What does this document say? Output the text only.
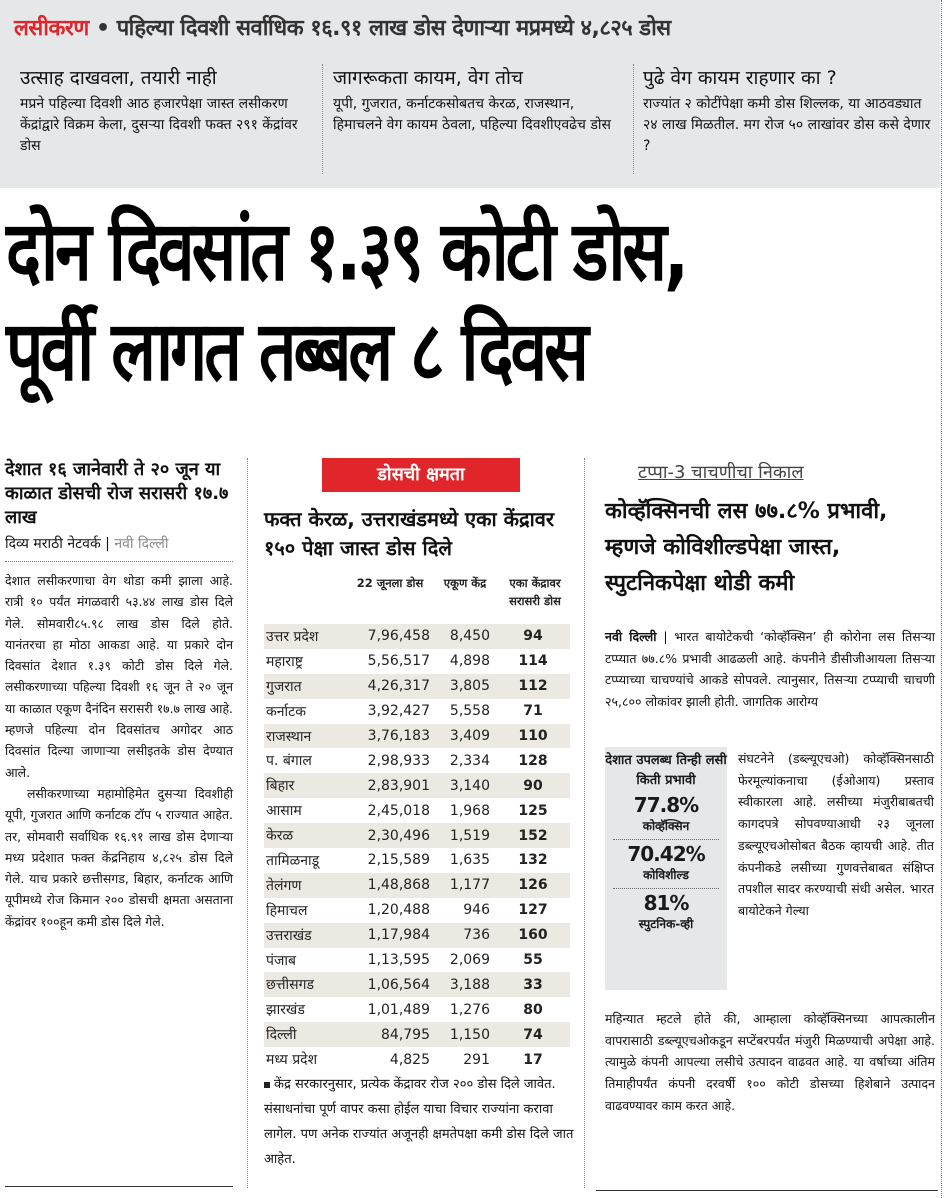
लसीकरण • पहिल्या दिवशी सर्वाधिक १६.९१ लाख डोस देणाऱ्या मप्रमध्ये ४,८२५ डोस
उत्साह दाखवला, तयारी नाही

मप्रने पहिल्या दिवशी आठ हजारपेक्षा जास्त लसीकरण केंद्रांद्वारे विक्रम केला, दुसऱ्या दिवशी फक्त २९१ केंद्रांवर डोस

जागरूकता कायम, वेग तोच

यूपी, गुजरात, कर्नाटकसोबतच केरळ, राजस्थान, हिमाचलने वेग कायम ठेवला, पहिल्या दिवशीएवढेच डोस

पुढे वेग कायम राहणार का ?

राज्यांत २ कोटींपेक्षा कमी डोस शिल्लक, या आठवड्यात २४ लाख मिळतील. मग रोज ५० लाखांवर डोस कसे देणार ?

दोन दिवसांत १.३९ कोटी डोस,
पूर्वी लागत तब्बल ८ दिवस
देशात १६ जानेवारी ते २० जून या काळात डोसची रोज सरासरी १७.७ लाख
दिव्य मराठी नेटवर्क | नवी दिल्ली

देशात लसीकरणाचा वेग थोडा कमी झाला आहे. रात्री १० पर्यंत मंगळवारी ५३.४४ लाख डोस दिले गेले. सोमवारी८५.९८ लाख डोस दिले होते. यानंतरचा हा मोठा आकडा आहे. या प्रकारे दोन दिवसांत देशात १.३९ कोटी डोस दिले गेले. लसीकरणाच्या पहिल्या दिवशी १६ जून ते २० जून या काळात एकूण दैनंदिन सरासरी १७.७ लाख आहे. म्हणजे पहिल्या दोन दिवसांतच अगोदर आठ दिवसांत दिल्या जाणाऱ्या लसीइतके डोस देण्यात आले.

लसीकरणाच्या महामोहिमेत दुसऱ्या दिवशीही यूपी, गुजरात आणि कर्नाटक टॉप ५ राज्यात आहेत. तर, सोमवारी सर्वाधिक १६.९१ लाख डोस देणाऱ्या मध्य प्रदेशात फक्त केंद्रनिहाय ४,८२५ डोस दिले गेले. याच प्रकारे छत्तीसगड, बिहार, कर्नाटक आणि यूपीमध्ये रोज किमान २०० डोसची क्षमता असताना केंद्रांवर १००हून कमी डोस दिले गेले.

डोसची क्षमता
फक्त केरळ, उत्तराखंडमध्ये एका केंद्रावर १५० पेक्षा जास्त डोस दिले
22 जूनला डोस	एकूण केंद्र	एका केंद्रावर सरासरी डोस
उत्तर प्रदेश	7,96,458	8,450	94
महाराष्ट्र	5,56,517	4,898	114
गुजरात	4,26,317	3,805	112
कर्नाटक	3,92,427	5,558	71
राजस्थान	3,76,183	3,409	110
प. बंगाल	2,98,933	2,334	128
बिहार	2,83,901	3,140	90
आसाम	2,45,018	1,968	125
केरळ	2,30,496	1,519	152
तामिळनाडू	2,15,589	1,635	132
तेलंगण	1,48,868	1,177	126
हिमाचल	1,20,488	946	127
उत्तराखंड	1,17,984	736	160
पंजाब	1,13,595	2,069	55
छत्तीसगड	1,06,564	3,188	33
झारखंड	1,01,489	1,276	80
दिल्ली	84,795	1,150	74
मध्य प्रदेश	4,825	291	17
केंद्र सरकारनुसार, प्रत्येक केंद्रावर रोज २०० डोस दिले जावेत. संसाधनांचा पूर्ण वापर कसा होईल याचा विचार राज्यांना करावा लागेल. पण अनेक राज्यांत अजूनही क्षमतेपक्षा कमी डोस दिले जात आहेत.
टप्पा-3 चाचणीचा निकाल
कोव्हॅक्सिनची लस ७७.८% प्रभावी, म्हणजे कोविशील्डपेक्षा जास्त, स्पुटनिकपेक्षा थोडी कमी
नवी दिल्ली | भारत बायोटेकची ‘कोव्हॅक्सिन’ ही कोरोना लस तिसऱ्या टप्प्यात ७७.८% प्रभावी आढळली आहे. कंपनीने डीसीजीआयला तिसऱ्या टप्प्याच्या चाचण्यांचे आकडे सोपवले. त्यानुसार, तिसऱ्या टप्प्याची चाचणी २५,८०० लोकांवर झाली होती. जागतिक आरोग्य
देशात उपलब्ध तिन्ही लसी किती प्रभावी
77.8%
कोव्हॅक्सिन
70.42%
कोविशील्ड
81%
स्पुटनिक-व्ही
संघटनेने (डब्ल्यूएचओ) कोव्हॅक्सिनसाठी फेरमूल्यांकनाचा (ईओआय) प्रस्ताव स्वीकारला आहे. लसीच्या मंजुरीबाबतची कागदपत्रे सोपवण्याआधी २३ जूनला डब्ल्यूएचओसोबत बैठक व्हायची आहे. तीत कंपनीकडे लसीच्या गुणवत्तेबाबत संक्षिप्त तपशील सादर करण्याची संधी असेल. भारत बायोटेकने गेल्या
महिन्यात म्हटले होते की, आम्हाला कोव्हॅक्सिनच्या आपत्कालीन वापरासाठी डब्ल्यूएचओकडून सप्टेंबरपर्यंत मंजुरी मिळण्याची अपेक्षा आहे. त्यामुळे कंपनी आपल्या लसीचे उत्पादन वाढवत आहे. या वर्षाच्या अंतिम तिमाहीपर्यंत कंपनी दरवर्षी १०० कोटी डोसच्या हिशेबाने उत्पादन वाढवण्यावर काम करत आहे.
